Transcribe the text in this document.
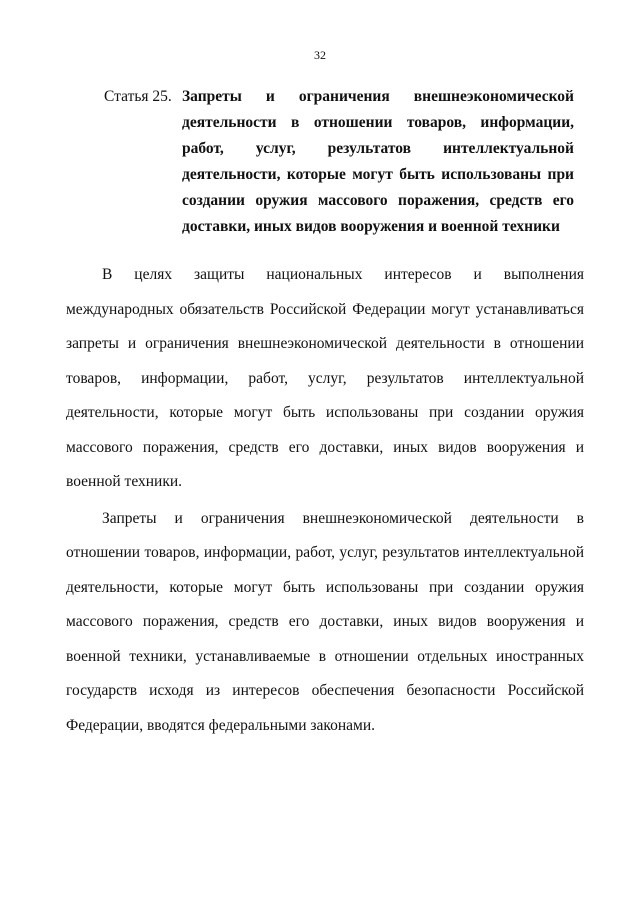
32
Статья 25. Запреты и ограничения внешнеэкономической деятельности в отношении товаров, информации, работ, услуг, результатов интеллектуальной деятельности, которые могут быть использованы при создании оружия массового поражения, средств его доставки, иных видов вооружения и военной техники

В целях защиты национальных интересов и выполнения международных обязательств Российской Федерации могут устанавливаться запреты и ограничения внешнеэкономической деятельности в отношении товаров, информации, работ, услуг, результатов интеллектуальной деятельности, которые могут быть использованы при создании оружия массового поражения, средств его доставки, иных видов вооружения и военной техники.

Запреты и ограничения внешнеэкономической деятельности в отношении товаров, информации, работ, услуг, результатов интеллектуальной деятельности, которые могут быть использованы при создании оружия массового поражения, средств его доставки, иных видов вооружения и военной техники, устанавливаемые в отношении отдельных иностранных государств исходя из интересов обеспечения безопасности Российской Федерации, вводятся федеральными законами.
